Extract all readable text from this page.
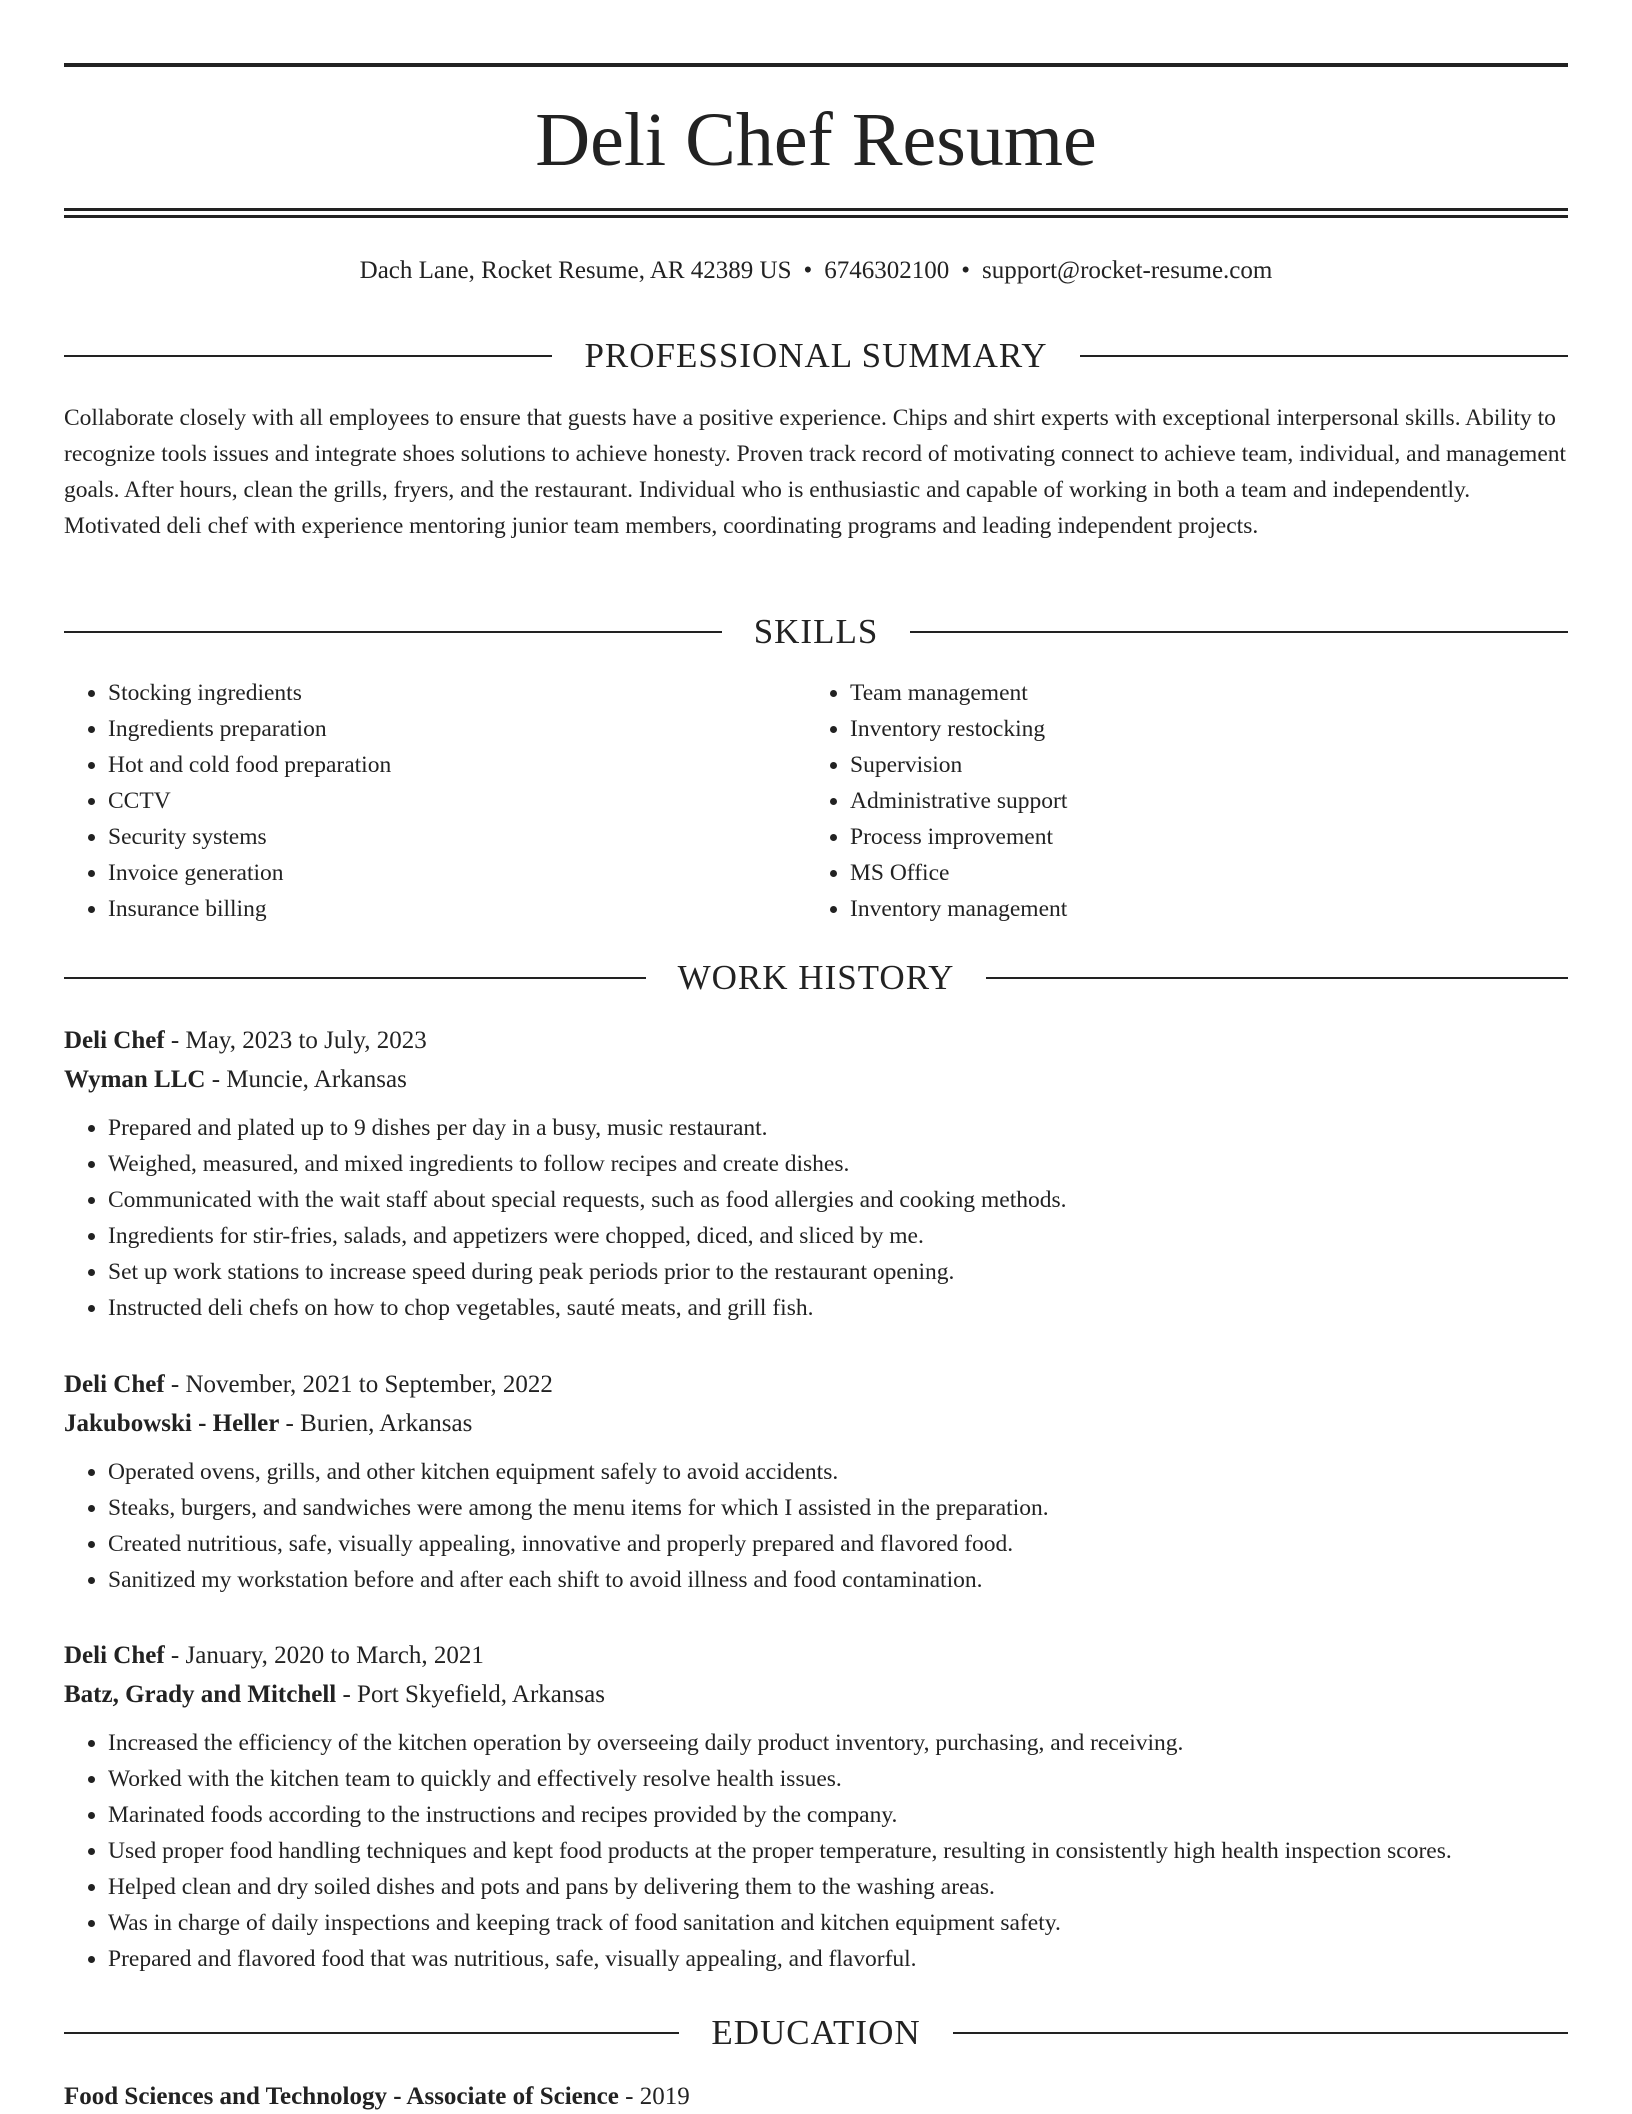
Deli Chef Resume
Dach Lane, Rocket Resume, AR 42389 US • 6746302100 • support@rocket-resume.com
PROFESSIONAL SUMMARY

Collaborate closely with all employees to ensure that guests have a positive experience. Chips and shirt experts with exceptional interpersonal skills. Ability to recognize tools issues and integrate shoes solutions to achieve honesty. Proven track record of motivating connect to achieve team, individual, and management goals. After hours, clean the grills, fryers, and the restaurant. Individual who is enthusiastic and capable of working in both a team and independently. Motivated deli chef with experience mentoring junior team members, coordinating programs and leading independent projects.

SKILLS
• Stocking ingredients
• Ingredients preparation
• Hot and cold food preparation
• CCTV
• Security systems
• Invoice generation
• Insurance billing
• Team management
• Inventory restocking
• Supervision
• Administrative support
• Process improvement
• MS Office
• Inventory management
WORK HISTORY
Deli Chef - May, 2023 to July, 2023
Wyman LLC - Muncie, Arkansas
• Prepared and plated up to 9 dishes per day in a busy, music restaurant.
• Weighed, measured, and mixed ingredients to follow recipes and create dishes.
• Communicated with the wait staff about special requests, such as food allergies and cooking methods.
• Ingredients for stir-fries, salads, and appetizers were chopped, diced, and sliced by me.
• Set up work stations to increase speed during peak periods prior to the restaurant opening.
• Instructed deli chefs on how to chop vegetables, sauté meats, and grill fish.
Deli Chef - November, 2021 to September, 2022
Jakubowski - Heller - Burien, Arkansas
• Operated ovens, grills, and other kitchen equipment safely to avoid accidents.
• Steaks, burgers, and sandwiches were among the menu items for which I assisted in the preparation.
• Created nutritious, safe, visually appealing, innovative and properly prepared and flavored food.
• Sanitized my workstation before and after each shift to avoid illness and food contamination.
Deli Chef - January, 2020 to March, 2021
Batz, Grady and Mitchell - Port Skyefield, Arkansas
• Increased the efficiency of the kitchen operation by overseeing daily product inventory, purchasing, and receiving.
• Worked with the kitchen team to quickly and effectively resolve health issues.
• Marinated foods according to the instructions and recipes provided by the company.
• Used proper food handling techniques and kept food products at the proper temperature, resulting in consistently high health inspection scores.
• Helped clean and dry soiled dishes and pots and pans by delivering them to the washing areas.
• Was in charge of daily inspections and keeping track of food sanitation and kitchen equipment safety.
• Prepared and flavored food that was nutritious, safe, visually appealing, and flavorful.
EDUCATION
Food Sciences and Technology - Associate of Science - 2019
